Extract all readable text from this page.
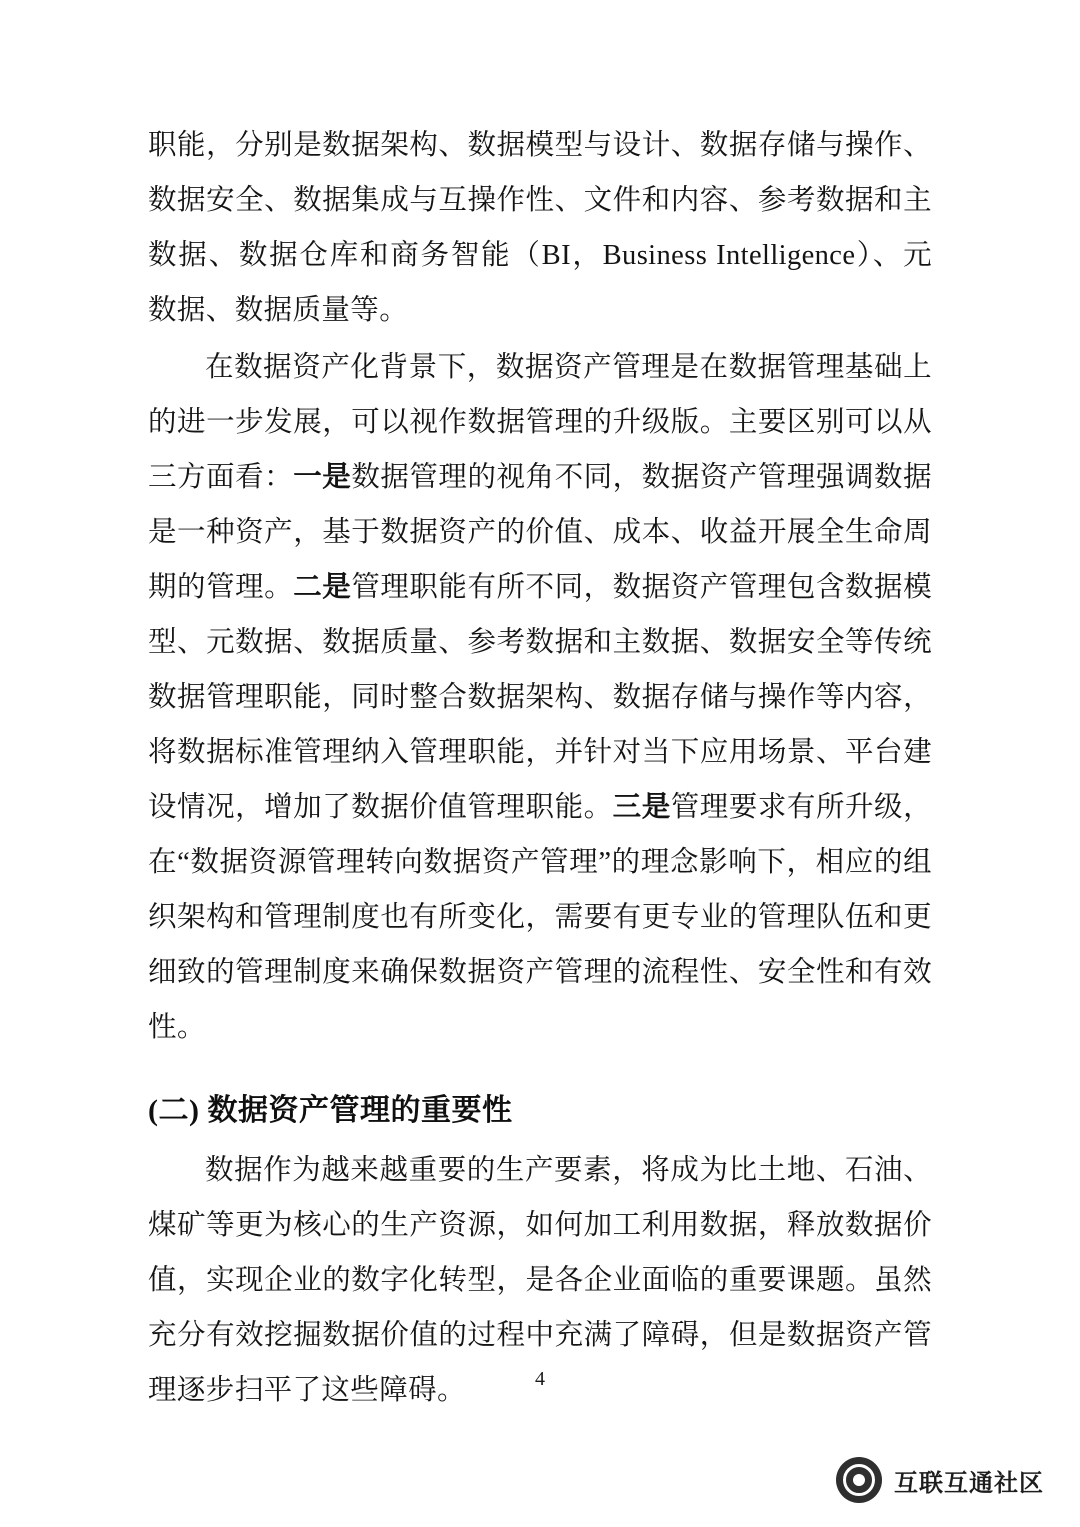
职能，分别是数据架构、数据模型与设计、数据存储与操作、数据安全、数据集成与互操作性、文件和内容、参考数据和主数据、数据仓库和商务智能（BI，Business Intelligence）、元数据、数据质量等。

在数据资产化背景下，数据资产管理是在数据管理基础上的进一步发展，可以视作数据管理的升级版。主要区别可以从三方面看：一是数据管理的视角不同，数据资产管理强调数据是一种资产，基于数据资产的价值、成本、收益开展全生命周期的管理。二是管理职能有所不同，数据资产管理包含数据模型、元数据、数据质量、参考数据和主数据、数据安全等传统数据管理职能，同时整合数据架构、数据存储与操作等内容，将数据标准管理纳入管理职能，并针对当下应用场景、平台建设情况，增加了数据价值管理职能。三是管理要求有所升级，在“数据资源管理转向数据资产管理”的理念影响下，相应的组织架构和管理制度也有所变化，需要有更专业的管理队伍和更细致的管理制度来确保数据资产管理的流程性、安全性和有效性。

(二) 数据资产管理的重要性

数据作为越来越重要的生产要素，将成为比土地、石油、煤矿等更为核心的生产资源，如何加工利用数据，释放数据价值，实现企业的数字化转型，是各企业面临的重要课题。虽然充分有效挖掘数据价值的过程中充满了障碍，但是数据资产管理逐步扫平了这些障碍。	4
互联互通社区
